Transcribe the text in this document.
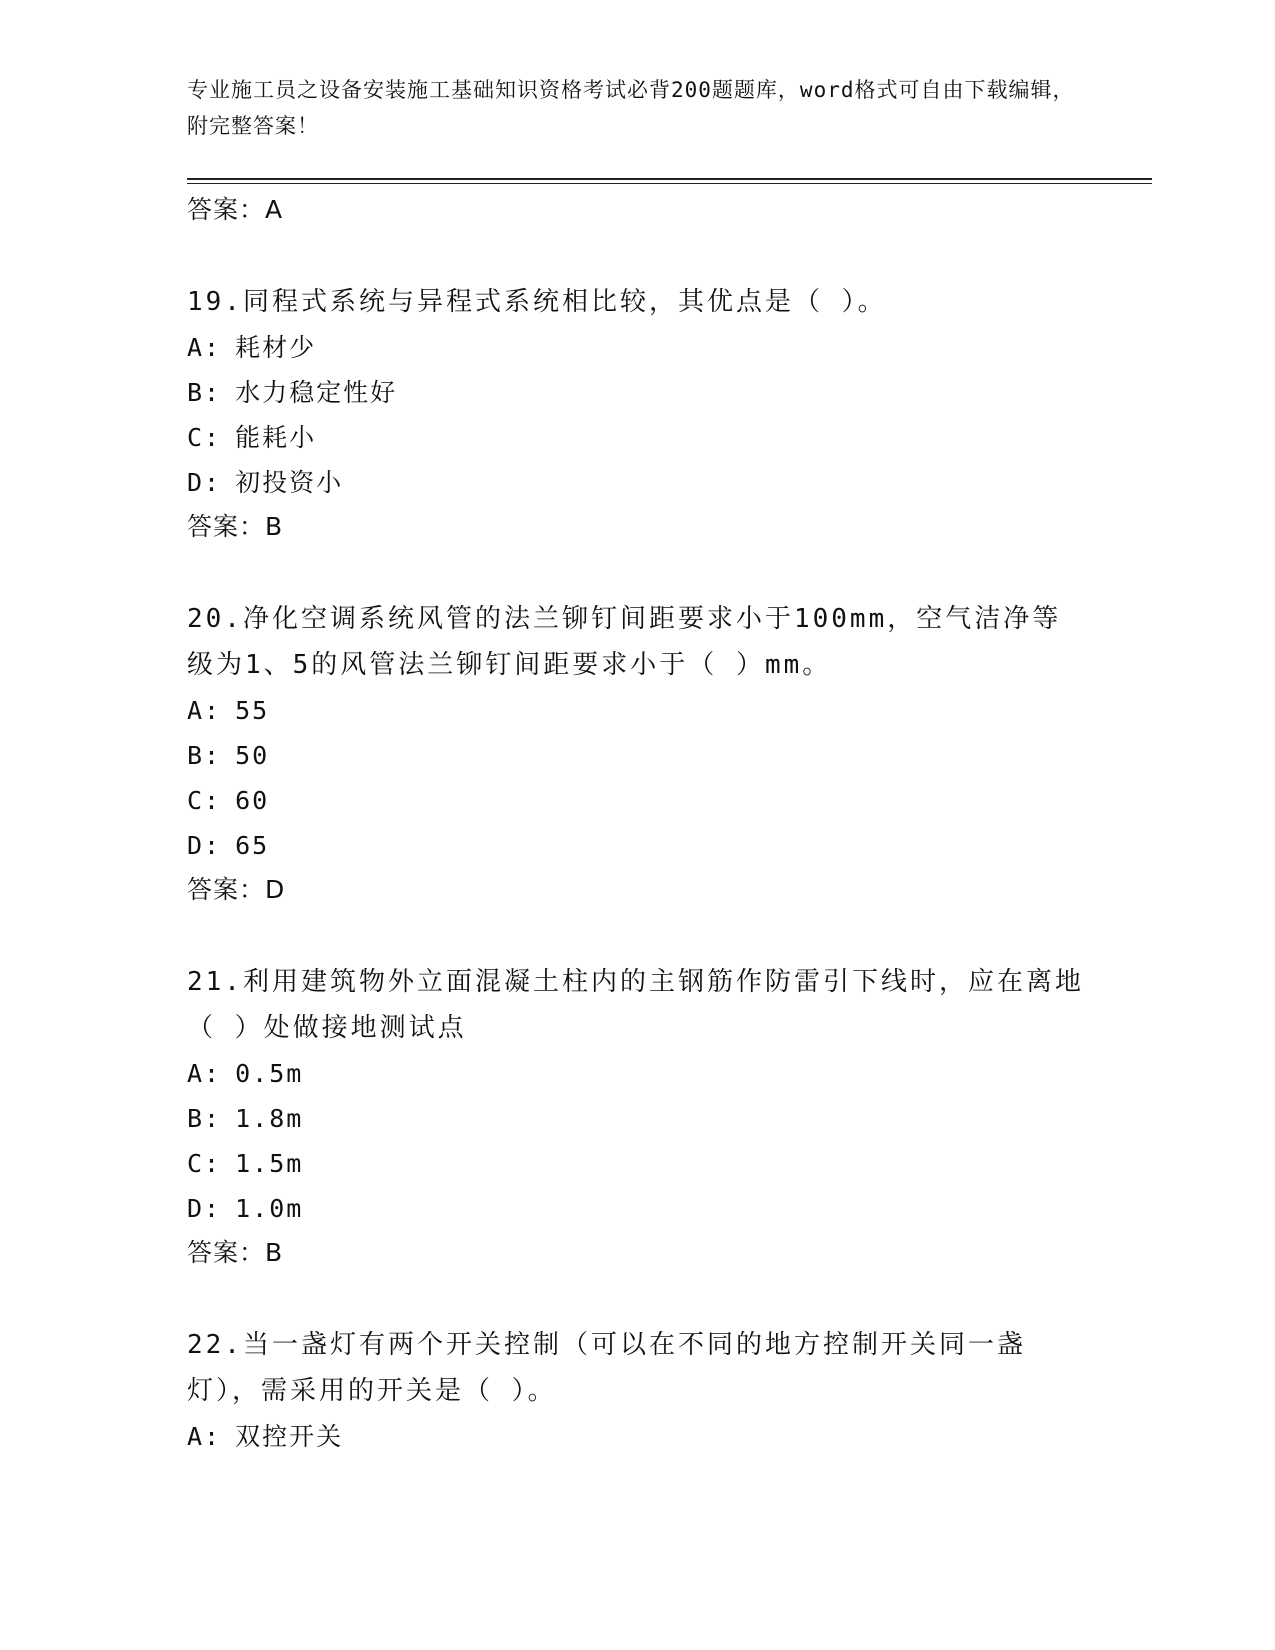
专业施工员之设备安装施工基础知识资格考试必背200题题库，word格式可自由下载编辑，附完整答案！
答案：A

19.同程式系统与异程式系统相比较，其优点是（ ）。

A: 耗材少
B: 水力稳定性好
C: 能耗小
D: 初投资小
答案：B

20.净化空调系统风管的法兰铆钉间距要求小于100mm，空气洁净等级为1、5的风管法兰铆钉间距要求小于（ ）mm。

A: 55
B: 50
C: 60
D: 65
答案：D

21.利用建筑物外立面混凝土柱内的主钢筋作防雷引下线时，应在离地（ ）处做接地测试点

A: 0.5m
B: 1.8m
C: 1.5m
D: 1.0m
答案：B

22.当一盏灯有两个开关控制（可以在不同的地方控制开关同一盏灯），需采用的开关是（ ）。

A: 双控开关
